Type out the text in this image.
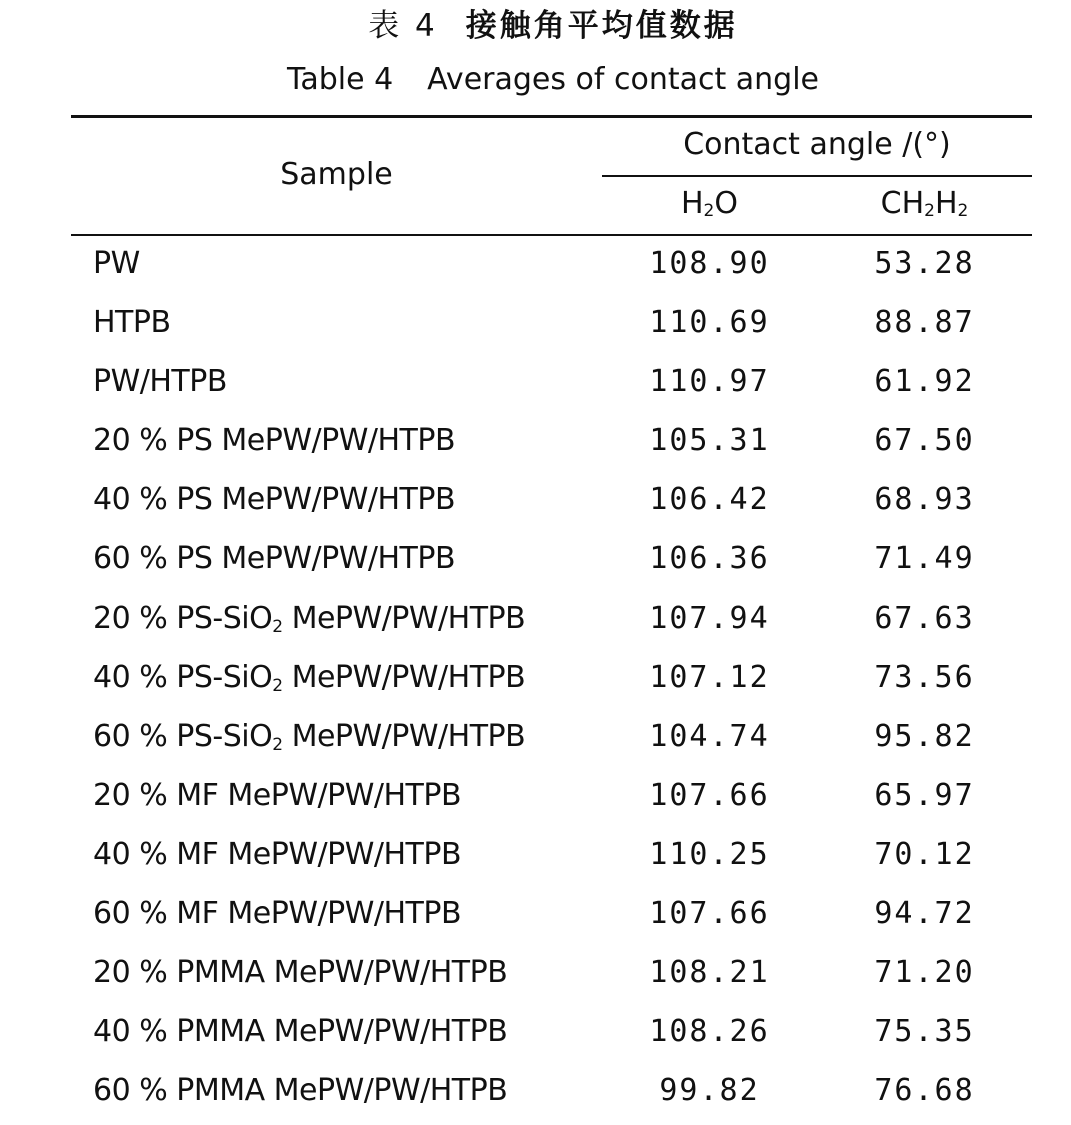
表 4 接触角平均值数据
Table 4 Averages of contact angle
Sample
Contact angle /(°)
$H_2O$	$CH_2H_2$
PW	108.90	53.28
HTPB	110.69	88.87
PW/HTPB	110.97	61.92
20 % PS MePW/PW/HTPB	105.31	67.50
40 % PS MePW/PW/HTPB	106.42	68.93
60 % PS MePW/PW/HTPB	106.36	71.49
20 % PS-SiO$_2$ MePW/PW/HTPB	107.94	67.63
40 % PS-SiO$_2$ MePW/PW/HTPB	107.12	73.56
60 % PS-SiO$_2$ MePW/PW/HTPB	104.74	95.82
20 % MF MePW/PW/HTPB	107.66	65.97
40 % MF MePW/PW/HTPB	110.25	70.12
60 % MF MePW/PW/HTPB	107.66	94.72
20 % PMMA MePW/PW/HTPB	108.21	71.20
40 % PMMA MePW/PW/HTPB	108.26	75.35
60 % PMMA MePW/PW/HTPB	99.82	76.68
